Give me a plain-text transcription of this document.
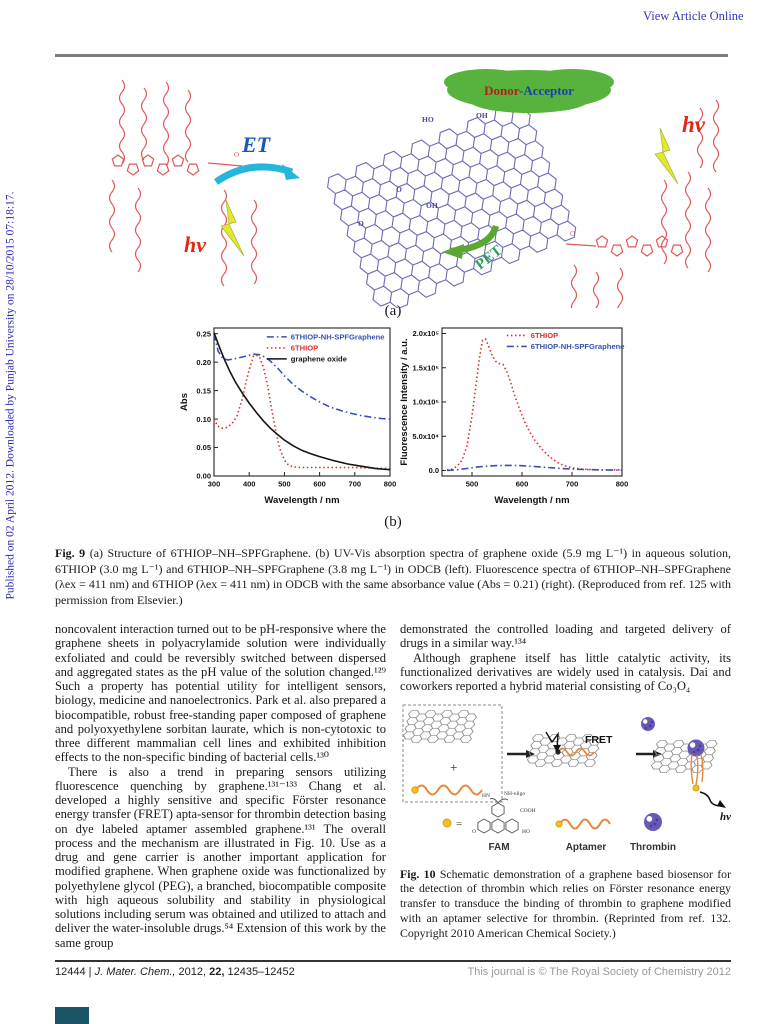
View Article Online
Published on 02 April 2012. Downloaded by Punjab University on 28/10/2015 07:18:17.
O
O
HO	OH
OH
O
O
Donor-Acceptor
ET
hν
hν	PET
(a)
300	400	500	600	700	800
Wavelength / nm
0.00
0.05
0.10
0.15
0.20
0.25
Abs
6THIOP-NH-SPFGraphene
6THIOP
graphene oxide
500	600	700	800
Wavelength / nm
0.0
5.0x10⁴
1.0x10⁵
1.5x10⁵
2.0x10⁵
Fluorescence Intensity / a.u.
6THIOP
6THIOP-NH-SPFGraphene
(b)
Fig. 9 (a) Structure of 6THIOP–NH–SPFGraphene. (b) UV-Vis absorption spectra of graphene oxide (5.9 mg L⁻¹) in aqueous solution, 6THIOP (3.0 mg L⁻¹) and 6THIOP–NH–SPFGraphene (3.8 mg L⁻¹) in ODCB (left). Fluorescence spectra of 6THIOP–NH–SPFGraphene (λex = 411 nm) and 6THIOP (λex = 411 nm) in ODCB with the same absorbance value (Abs = 0.21) (right). (Reproduced from ref. 125 with permission from Elsevier.)

noncovalent interaction turned out to be pH-responsive where the graphene sheets in polyacrylamide solution were individually exfoliated and could be reversibly switched between dispersed and aggregated states as the pH value of the solution changed.¹²⁹ Such a property has potential utility for intelligent sensors, biology, medicine and nanoelectronics. Park et al. also prepared a biocompatible, robust free-standing paper composed of graphene and polyoxyethylene sorbitan laurate, which is non-cytotoxic to three different mammalian cell lines and exhibited inhibition effects to the non-specific binding of bacterial cells.¹³⁰

There is also a trend in preparing sensors utilizing fluorescence quenching by graphene.¹³¹⁻¹³³ Chang et al. developed a highly sensitive and specific Förster resonance energy transfer (FRET) apta-sensor for thrombin detection basing on dye labeled aptamer assembled graphene.¹³¹ The overall process and the mechanism are illustrated in Fig. 10. Use as a drug and gene carrier is another important application for modified graphene. When graphene oxide was functionalized by polyethylene glycol (PEG), a branched, biocompatible composite with high aqueous solubility and stability in physiological solutions including serum was obtained and utilized to attach and deliver the water-insoluble drugs.⁵⁴ Extension of this work by the same group

demonstrated the controlled loading and targeted delivery of drugs in a similar way.¹³⁴

Although graphene itself has little catalytic activity, its functionalized derivatives are widely used in catalysis. Dai and coworkers reported a hybrid material consisting of Co₃O₄

+
FRET
hν
=
COOH
HO
O
HN	NH-oligo
FAM	Aptamer Thrombin
Fig. 10 Schematic demonstration of a graphene based biosensor for the detection of thrombin which relies on Förster resonance energy transfer to transduce the binding of thrombin to graphene modified with an aptamer selective for thrombin. (Reprinted from ref. 132. Copyright 2010 American Chemical Society.)
12444 | J. Mater. Chem., 2012, 22, 12435–12452	This journal is © The Royal Society of Chemistry 2012
